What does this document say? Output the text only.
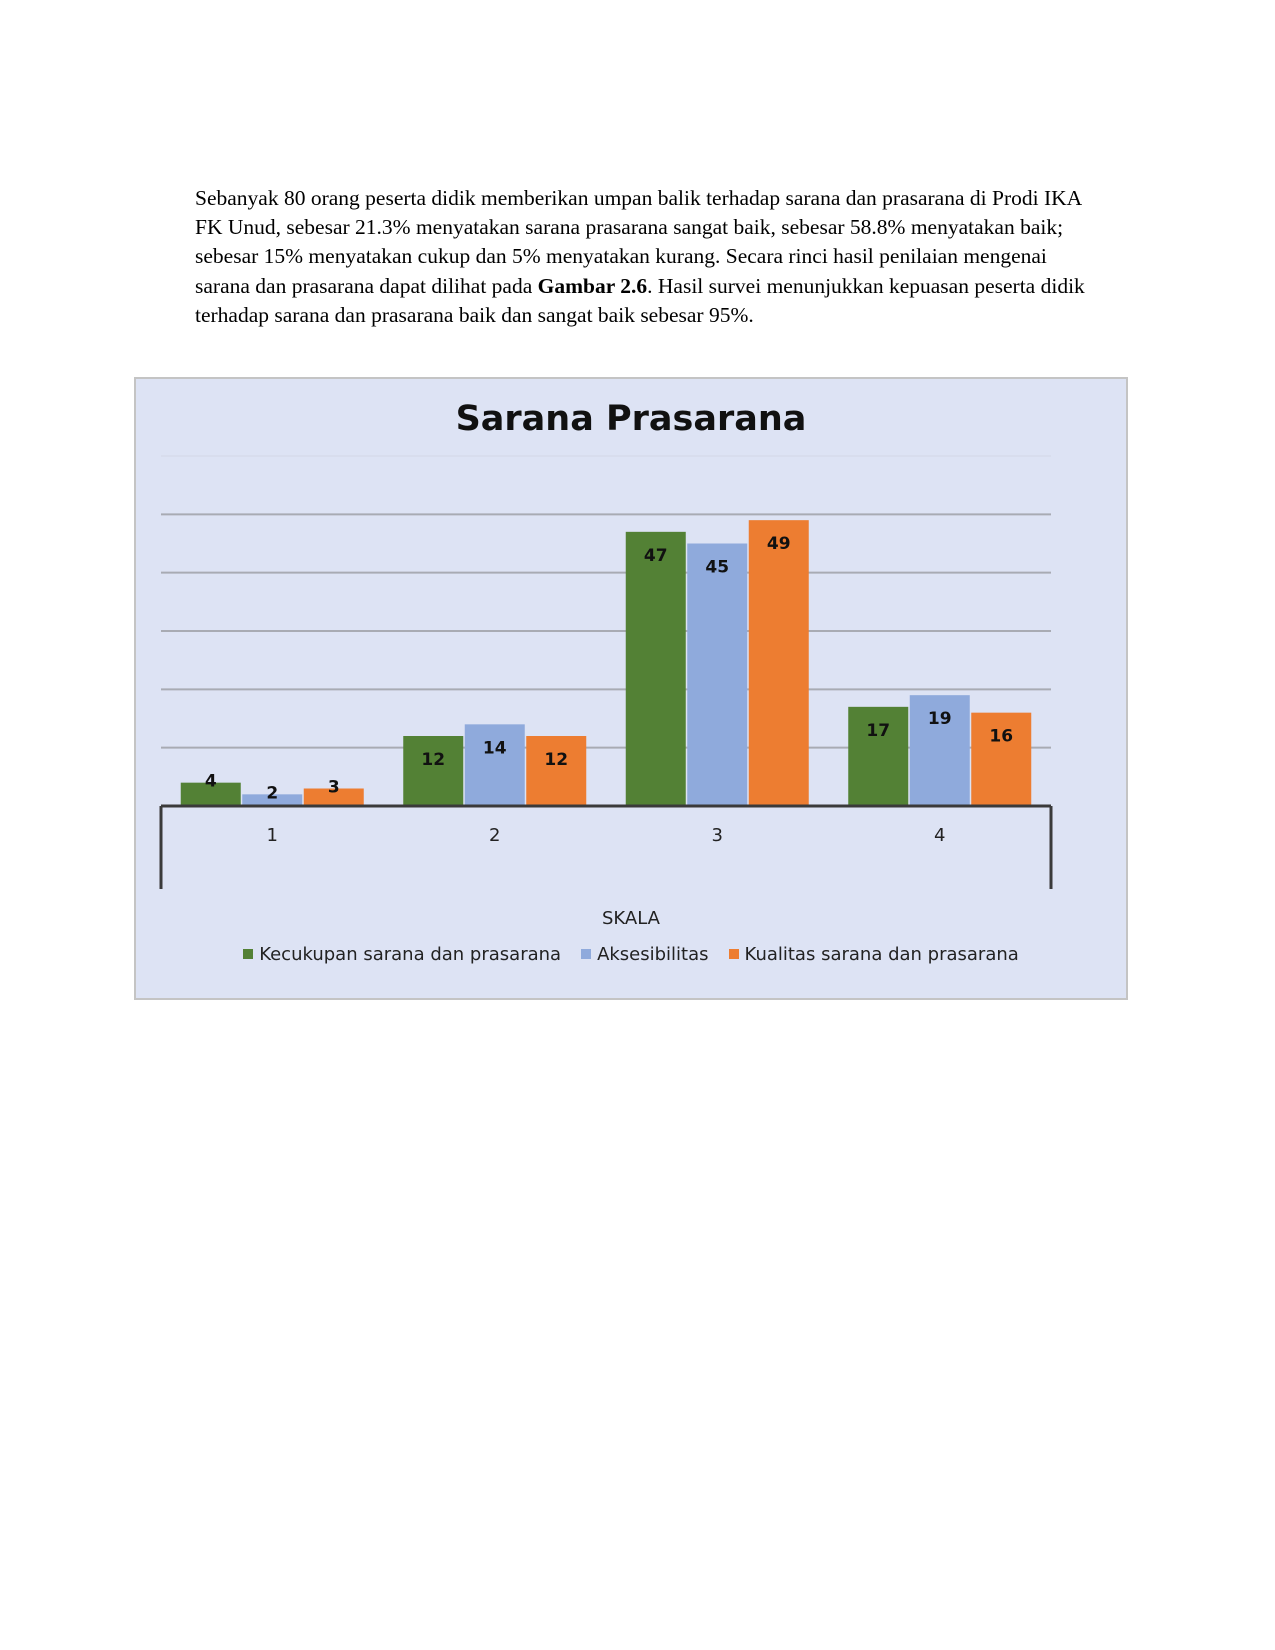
Sebanyak 80 orang peserta didik memberikan umpan balik terhadap sarana dan prasarana di Prodi IKA FK Unud, sebesar 21.3% menyatakan sarana prasarana sangat baik, sebesar 58.8% menyatakan baik; sebesar 15% menyatakan cukup dan 5% menyatakan kurang. Secara rinci hasil penilaian mengenai sarana dan prasarana dapat dilihat pada Gambar 2.6. Hasil survei menunjukkan kepuasan peserta didik terhadap sarana dan prasarana baik dan sangat baik sebesar 95%.
4
2	3
1
12
14
12
2
47
45
49
3
17
19
16
4
Sarana Prasarana
SKALA
Kecukupan sarana dan prasarana Aksesibilitas Kualitas sarana dan prasarana
